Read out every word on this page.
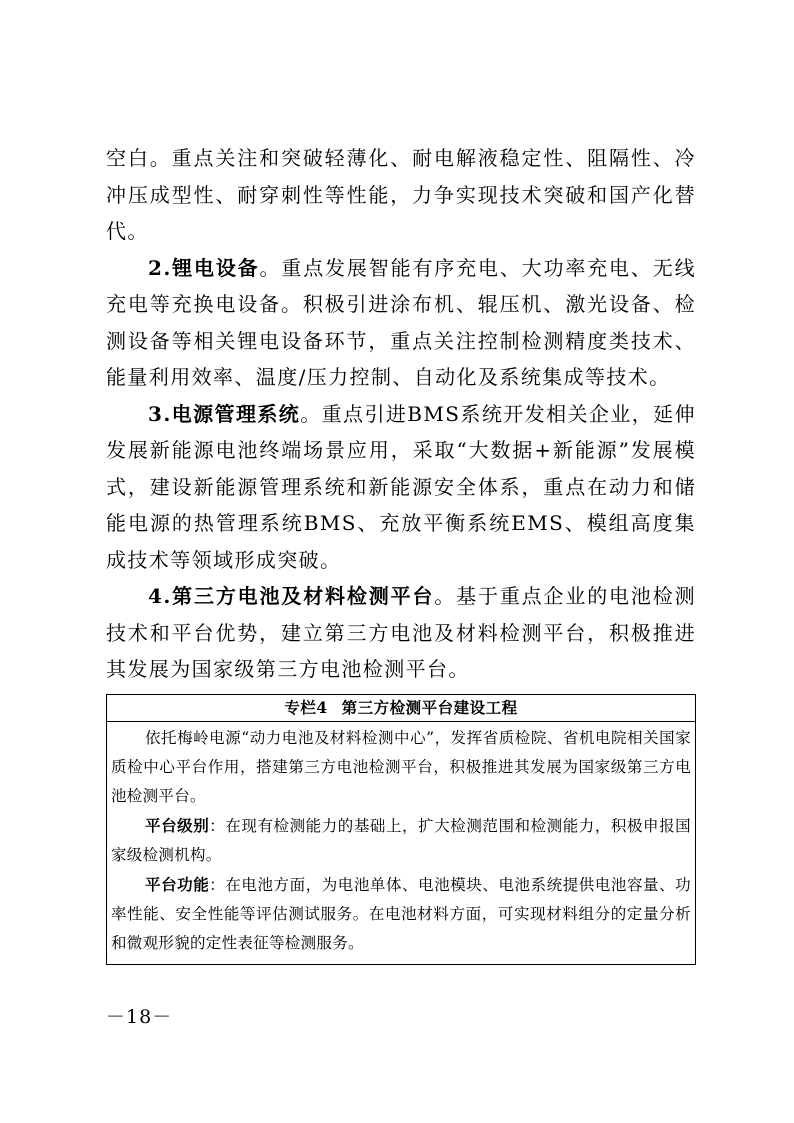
空白。重点关注和突破轻薄化、耐电解液稳定性、阻隔性、冷冲压成型性、耐穿刺性等性能，力争实现技术突破和国产化替代。

2.锂电设备。重点发展智能有序充电、大功率充电、无线充电等充换电设备。积极引进涂布机、辊压机、激光设备、检测设备等相关锂电设备环节，重点关注控制检测精度类技术、能量利用效率、温度/压力控制、自动化及系统集成等技术。

3.电源管理系统。重点引进BMS系统开发相关企业，延伸发展新能源电池终端场景应用，采取“大数据+新能源”发展模式，建设新能源管理系统和新能源安全体系，重点在动力和储能电源的热管理系统BMS、充放平衡系统EMS、模组高度集成技术等领域形成突破。

4.第三方电池及材料检测平台。基于重点企业的电池检测技术和平台优势，建立第三方电池及材料检测平台，积极推进其发展为国家级第三方电池检测平台。

专栏4 第三方检测平台建设工程

依托梅岭电源“动力电池及材料检测中心”，发挥省质检院、省机电院相关国家质检中心平台作用，搭建第三方电池检测平台，积极推进其发展为国家级第三方电池检测平台。

平台级别：在现有检测能力的基础上，扩大检测范围和检测能力，积极申报国家级检测机构。

平台功能：在电池方面，为电池单体、电池模块、电池系统提供电池容量、功率性能、安全性能等评估测试服务。在电池材料方面，可实现材料组分的定量分析和微观形貌的定性表征等检测服务。

－18－
